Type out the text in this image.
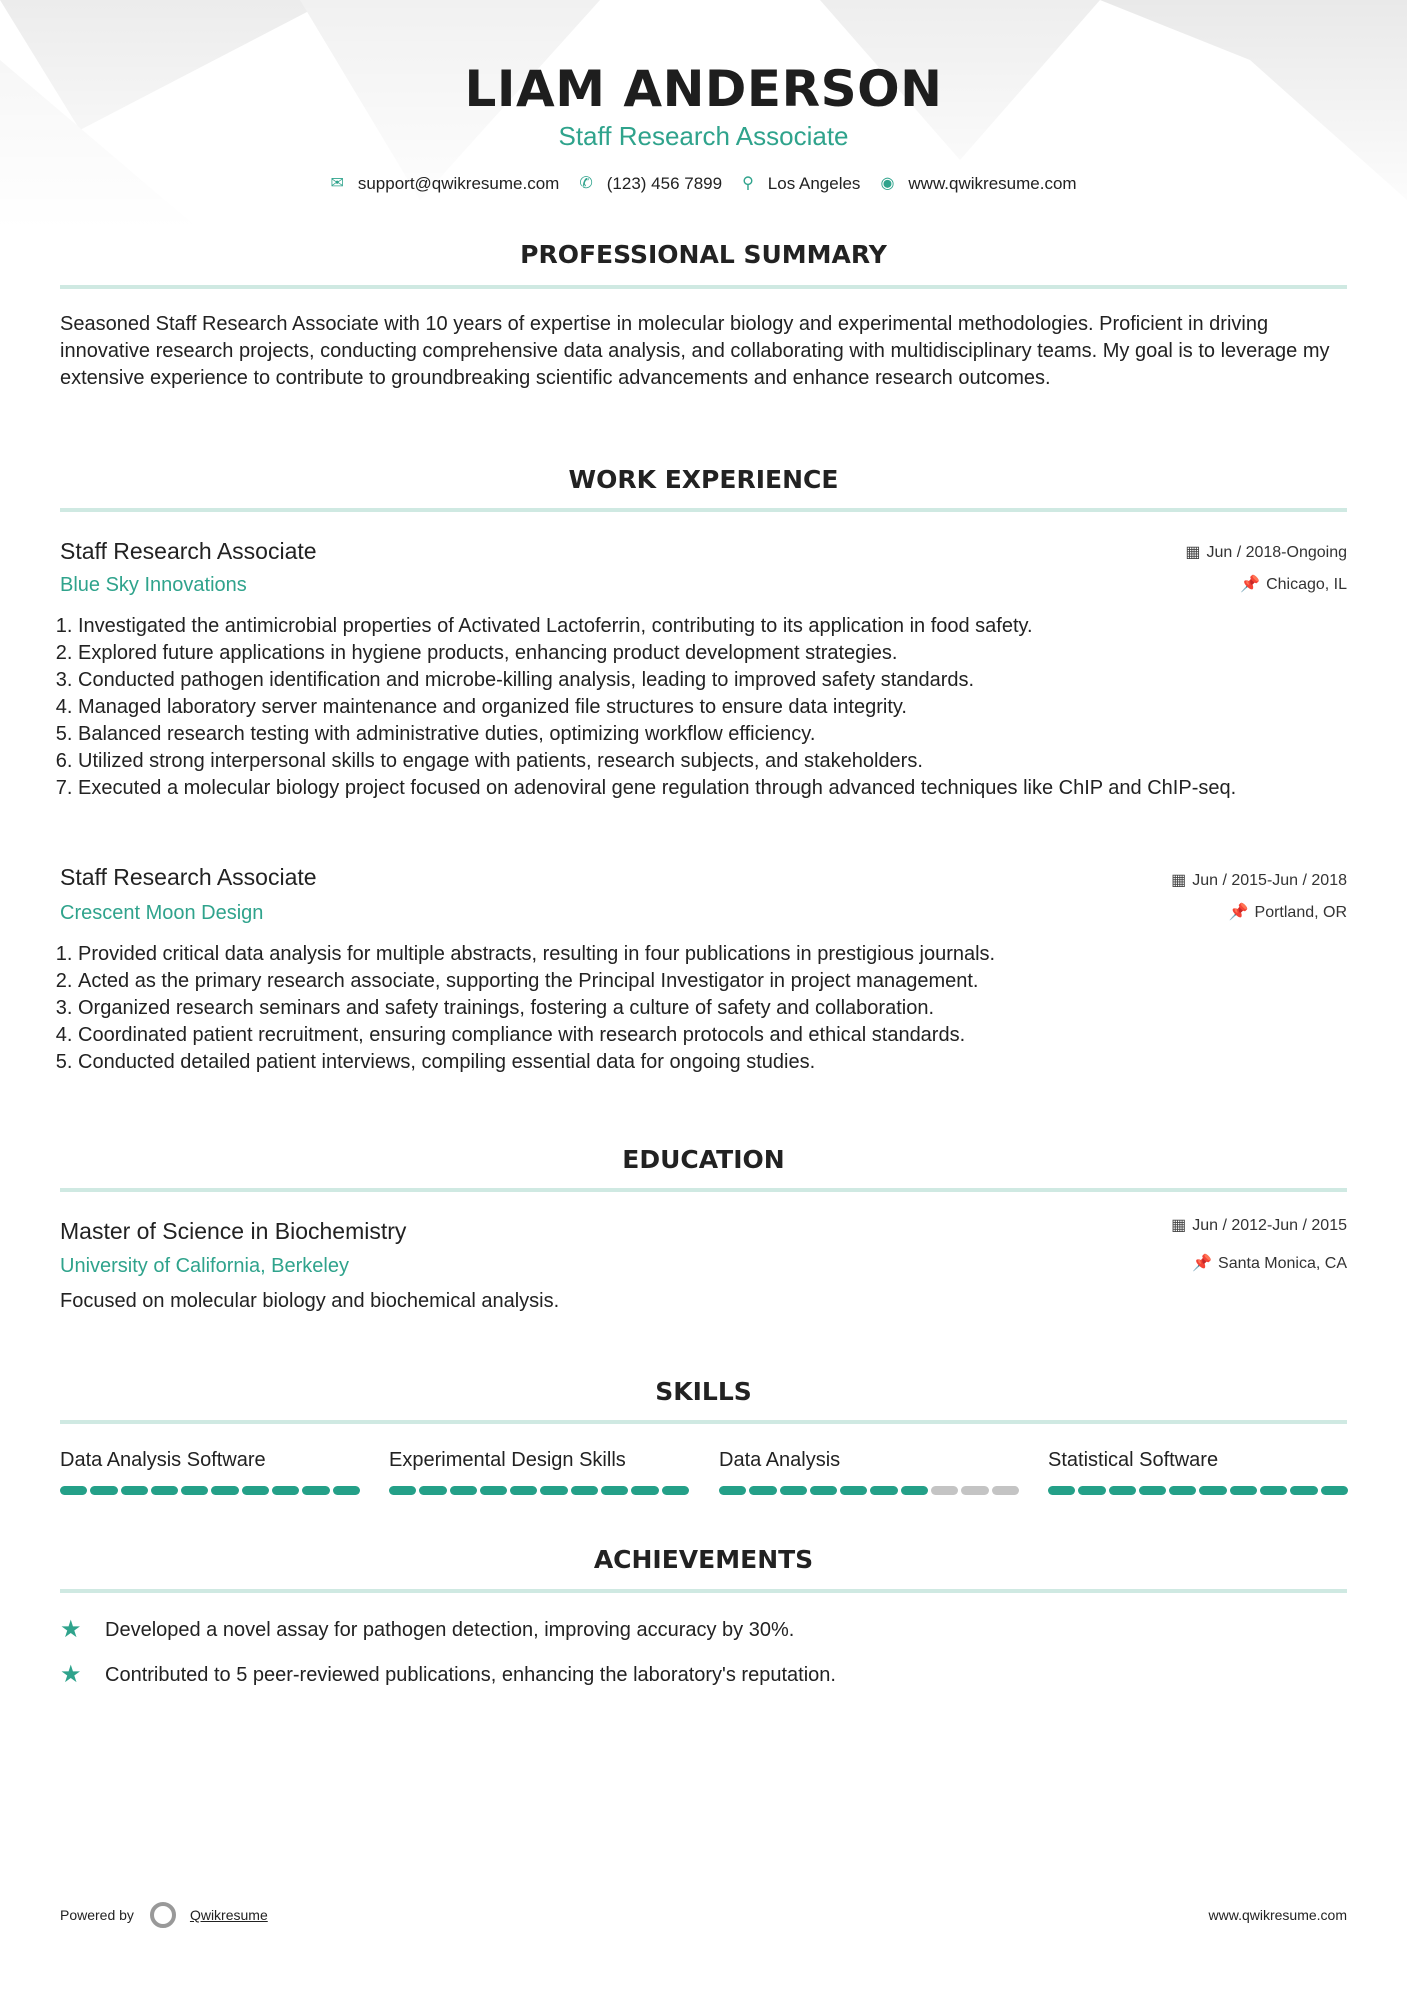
LIAM ANDERSON
Staff Research Associate
✉ support@qwikresume.com ✆ (123) 456 7899 ⚲ Los Angeles ◉ www.qwikresume.com
PROFESSIONAL SUMMARY
Seasoned Staff Research Associate with 10 years of expertise in molecular biology and experimental methodologies. Proficient in driving innovative research projects, conducting comprehensive data analysis, and collaborating with multidisciplinary teams. My goal is to leverage my extensive experience to contribute to groundbreaking scientific advancements and enhance research outcomes.
WORK EXPERIENCE
Staff Research Associate	▦ Jun / 2018-Ongoing
Blue Sky Innovations	📌 Chicago, IL
1. Investigated the antimicrobial properties of Activated Lactoferrin, contributing to its application in food safety.
2. Explored future applications in hygiene products, enhancing product development strategies.
3. Conducted pathogen identification and microbe-killing analysis, leading to improved safety standards.
4. Managed laboratory server maintenance and organized file structures to ensure data integrity.
5. Balanced research testing with administrative duties, optimizing workflow efficiency.
6. Utilized strong interpersonal skills to engage with patients, research subjects, and stakeholders.
7. Executed a molecular biology project focused on adenoviral gene regulation through advanced techniques like ChIP and ChIP-seq.
Staff Research Associate	▦ Jun / 2015-Jun / 2018
Crescent Moon Design	📌 Portland, OR
1. Provided critical data analysis for multiple abstracts, resulting in four publications in prestigious journals.
2. Acted as the primary research associate, supporting the Principal Investigator in project management.
3. Organized research seminars and safety trainings, fostering a culture of safety and collaboration.
4. Coordinated patient recruitment, ensuring compliance with research protocols and ethical standards.
5. Conducted detailed patient interviews, compiling essential data for ongoing studies.
EDUCATION
Master of Science in Biochemistry	▦ Jun / 2012-Jun / 2015
University of California, Berkeley	📌 Santa Monica, CA
Focused on molecular biology and biochemical analysis.
SKILLS
Data Analysis Software	Experimental Design Skills	Data Analysis	Statistical Software
ACHIEVEMENTS
★	Developed a novel assay for pathogen detection, improving accuracy by 30%.
★	Contributed to 5 peer-reviewed publications, enhancing the laboratory's reputation.
Powered by	Qwikresume	www.qwikresume.com
